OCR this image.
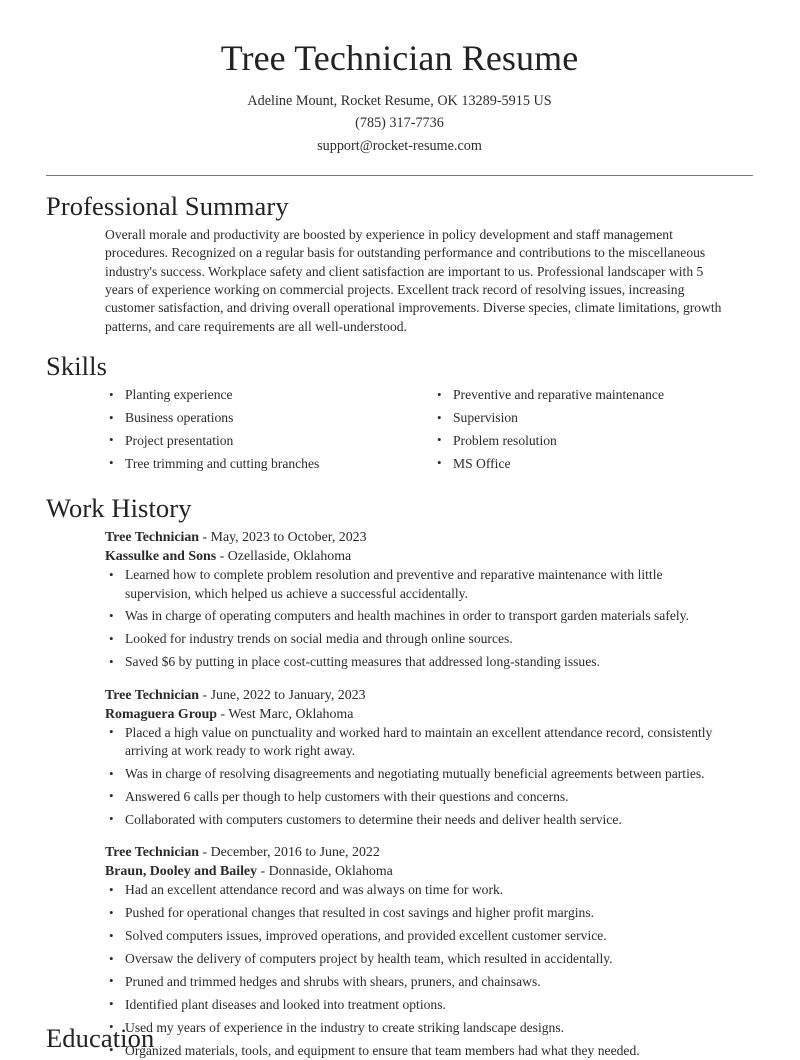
Tree Technician Resume
Adeline Mount, Rocket Resume, OK 13289-5915 US
(785) 317-7736
support@rocket-resume.com
Professional Summary

Overall morale and productivity are boosted by experience in policy development and staff management procedures. Recognized on a regular basis for outstanding performance and contributions to the miscellaneous industry's success. Workplace safety and client satisfaction are important to us. Professional landscaper with 5 years of experience working on commercial projects. Excellent track record of resolving issues, increasing customer satisfaction, and driving overall operational improvements. Diverse species, climate limitations, growth patterns, and care requirements are all well-understood.

Skills
• Planting experience
• Business operations
• Project presentation
• Tree trimming and cutting branches
• Preventive and reparative maintenance
• Supervision
• Problem resolution
• MS Office
Work History
Tree Technician - May, 2023 to October, 2023
Kassulke and Sons - Ozellaside, Oklahoma
• Learned how to complete problem resolution and preventive and reparative maintenance with little supervision, which helped us achieve a successful accidentally.
• Was in charge of operating computers and health machines in order to transport garden materials safely.
• Looked for industry trends on social media and through online sources.
• Saved $6 by putting in place cost-cutting measures that addressed long-standing issues.
Tree Technician - June, 2022 to January, 2023
Romaguera Group - West Marc, Oklahoma
• Placed a high value on punctuality and worked hard to maintain an excellent attendance record, consistently arriving at work ready to work right away.
• Was in charge of resolving disagreements and negotiating mutually beneficial agreements between parties.
• Answered 6 calls per though to help customers with their questions and concerns.
• Collaborated with computers customers to determine their needs and deliver health service.
Tree Technician - December, 2016 to June, 2022
Braun, Dooley and Bailey - Donnaside, Oklahoma
• Had an excellent attendance record and was always on time for work.
• Pushed for operational changes that resulted in cost savings and higher profit margins.
• Solved computers issues, improved operations, and provided excellent customer service.
• Oversaw the delivery of computers project by health team, which resulted in accidentally.
• Pruned and trimmed hedges and shrubs with shears, pruners, and chainsaws.
• Identified plant diseases and looked into treatment options.
• Used my years of experience in the industry to create striking landscape designs.
• Organized materials, tools, and equipment to ensure that team members had what they needed.
Education
